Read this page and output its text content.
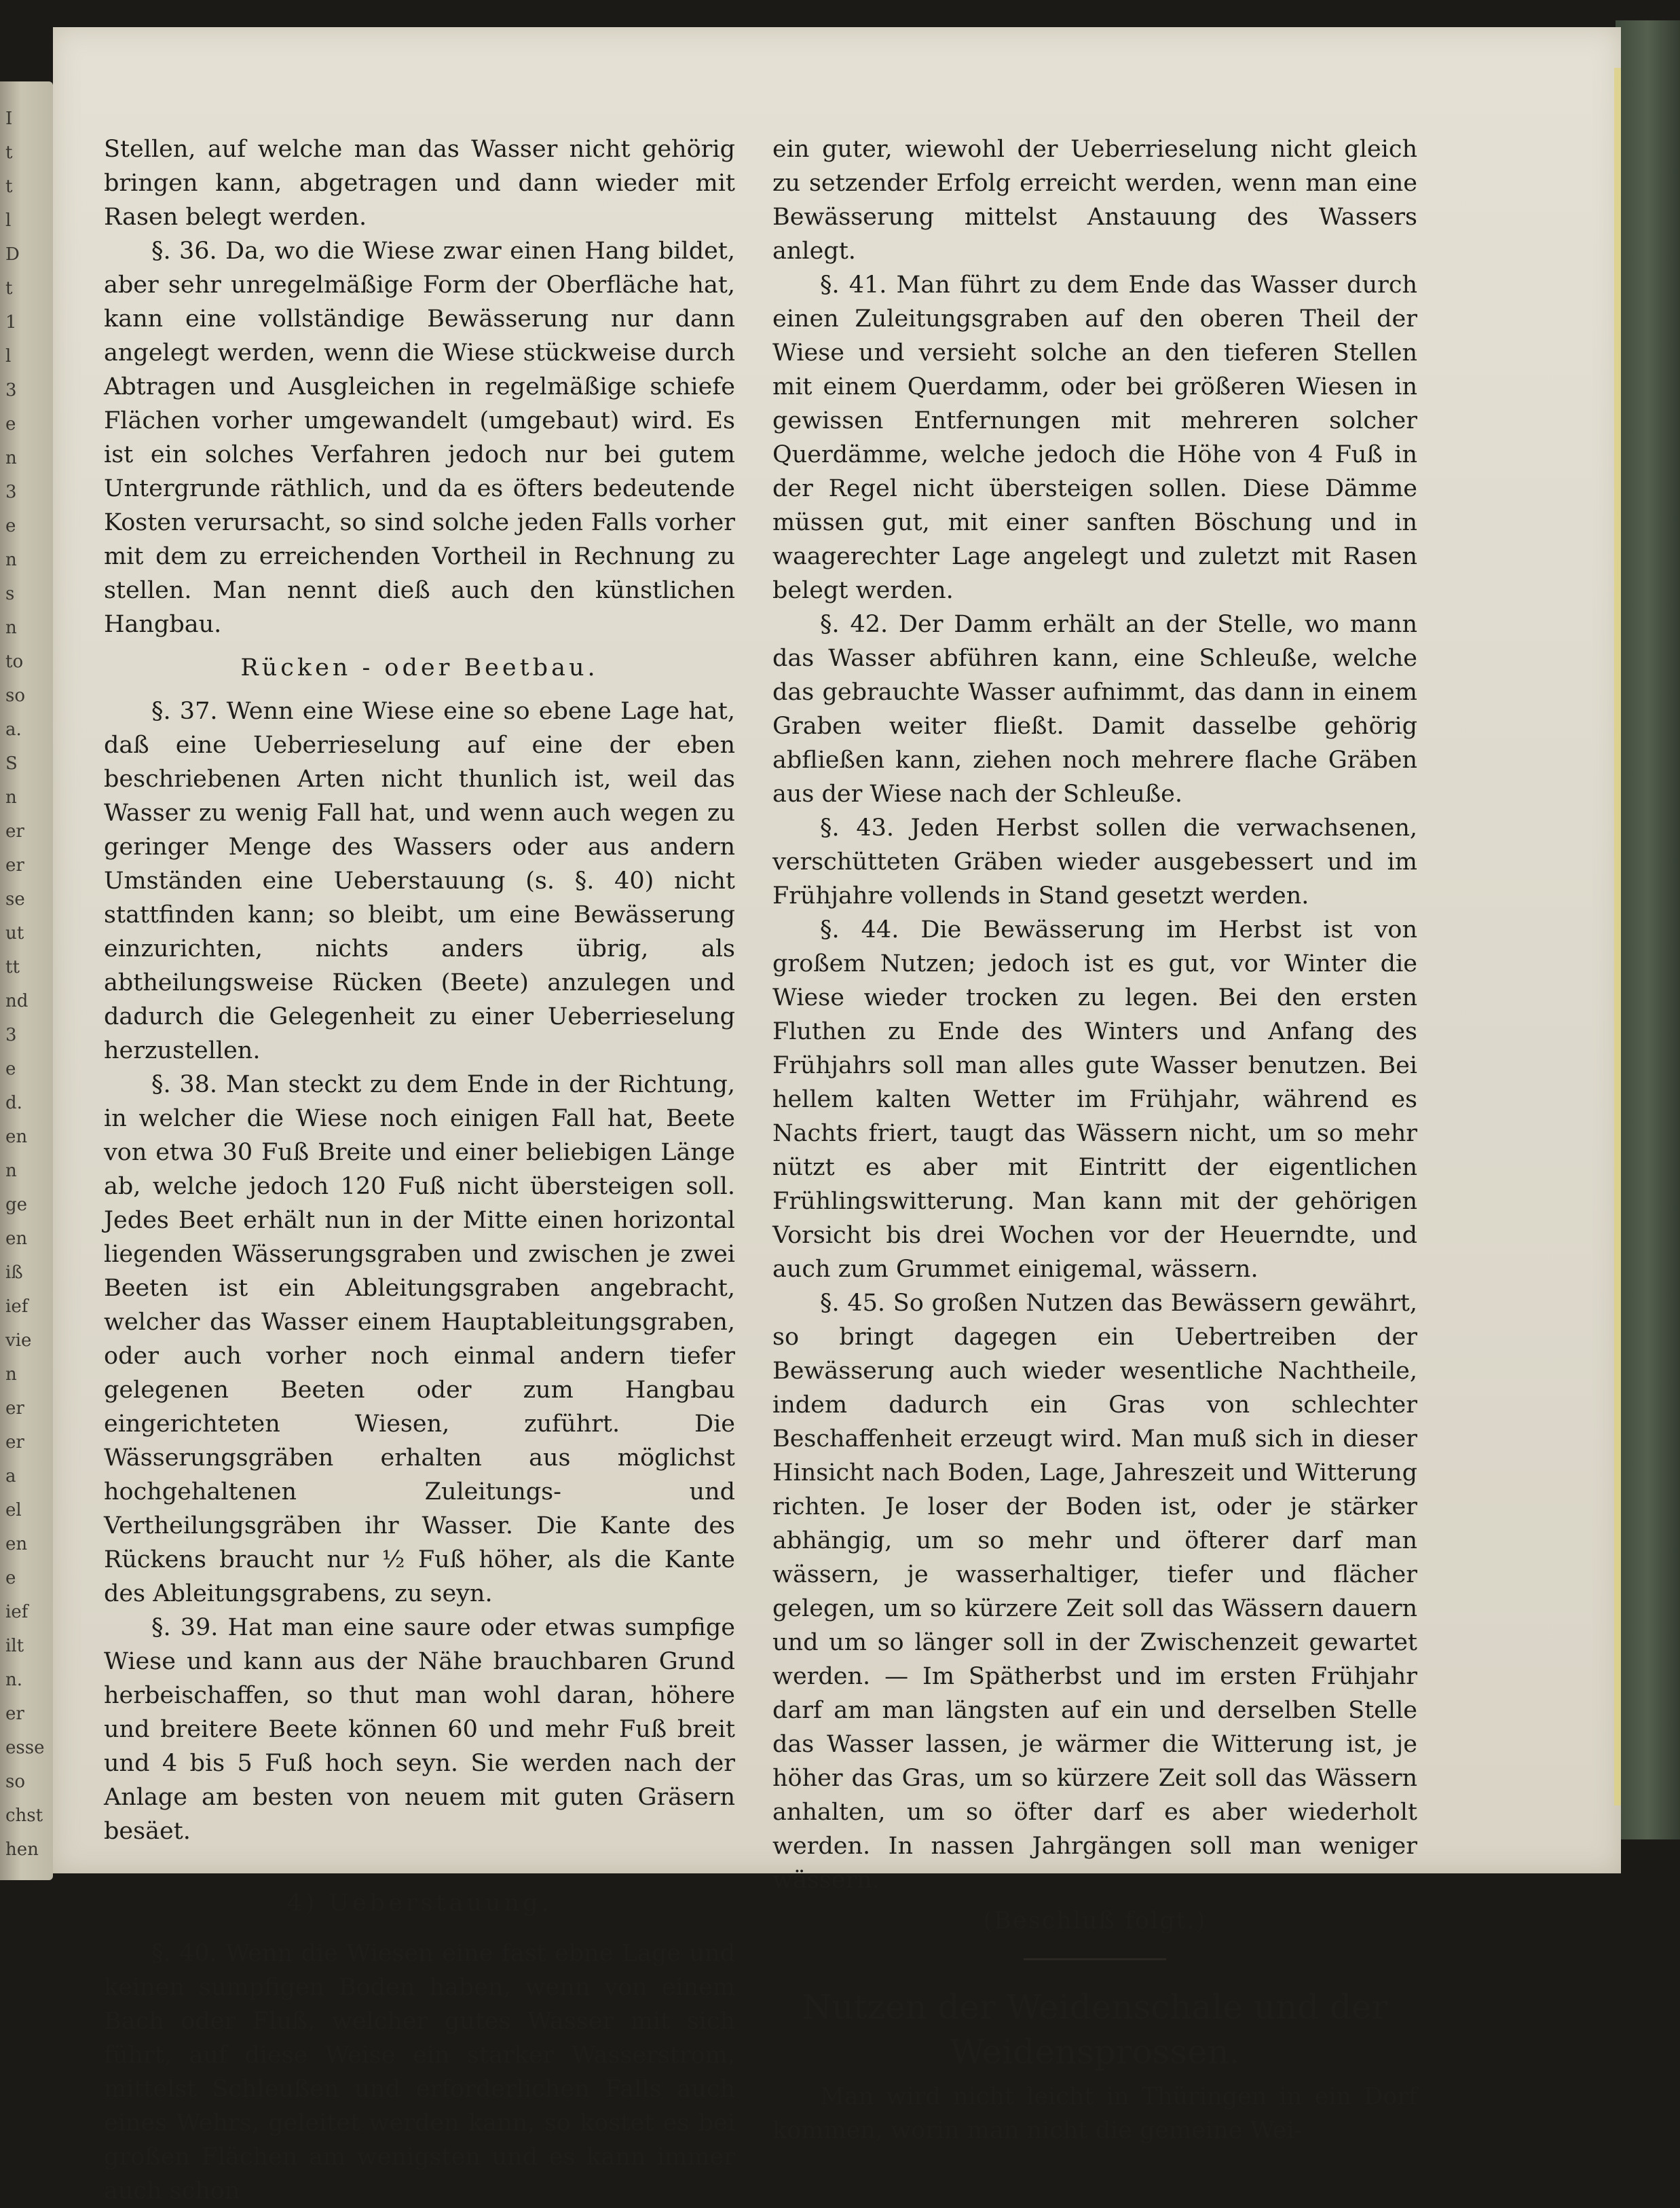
I
t
t
l
D
t
1
l
3
e
n
3
e
n
s
n
to
so
a.
S
n
er
er
se
ut
tt
nd
3
e
d.
en
n
ge
en
iß
ief
vie
n
er
er
a
el
en
e
ief
ilt
n.
er
esse
so
chst
hen

Stellen, auf welche man das Wasser nicht gehörig bringen kann, abgetragen und dann wieder mit Rasen belegt werden.

§. 36. Da, wo die Wiese zwar einen Hang bildet, aber sehr unregelmäßige Form der Oberfläche hat, kann eine vollständige Bewässerung nur dann angelegt werden, wenn die Wiese stückweise durch Abtragen und Ausgleichen in regelmäßige schiefe Flächen vorher umgewandelt (umgebaut) wird. Es ist ein solches Verfahren jedoch nur bei gutem Untergrunde räthlich, und da es öfters bedeutende Kosten verursacht, so sind solche jeden Falls vorher mit dem zu erreichenden Vortheil in Rechnung zu stellen. Man nennt dieß auch den künstlichen Hangbau.

Rücken - oder Beetbau.

§. 37. Wenn eine Wiese eine so ebene Lage hat, daß eine Ueberrieselung auf eine der eben beschriebenen Arten nicht thunlich ist, weil das Wasser zu wenig Fall hat, und wenn auch wegen zu geringer Menge des Wassers oder aus andern Umständen eine Ueberstauung (s. §. 40) nicht stattfinden kann; so bleibt, um eine Bewässerung einzurichten, nichts anders übrig, als abtheilungsweise Rücken (Beete) anzulegen und dadurch die Gelegenheit zu einer Ueberrieselung herzustellen.

§. 38. Man steckt zu dem Ende in der Richtung, in welcher die Wiese noch einigen Fall hat, Beete von etwa 30 Fuß Breite und einer beliebigen Länge ab, welche jedoch 120 Fuß nicht übersteigen soll. Jedes Beet erhält nun in der Mitte einen horizontal liegenden Wässerungsgraben und zwischen je zwei Beeten ist ein Ableitungsgraben angebracht, welcher das Wasser einem Hauptableitungsgraben, oder auch vorher noch einmal andern tiefer gelegenen Beeten oder zum Hangbau eingerichteten Wiesen, zuführt. Die Wässerungsgräben erhalten aus möglichst hochgehaltenen Zuleitungs- und Vertheilungsgräben ihr Wasser. Die Kante des Rückens braucht nur ½ Fuß höher, als die Kante des Ableitungsgrabens, zu seyn.

§. 39. Hat man eine saure oder etwas sumpfige Wiese und kann aus der Nähe brauchbaren Grund herbeischaffen, so thut man wohl daran, höhere und breitere Beete können 60 und mehr Fuß breit und 4 bis 5 Fuß hoch seyn. Sie werden nach der Anlage am besten von neuem mit guten Gräsern besäet.

4) Ueberstauung.

§. 40. Wenn die Wiesen eine fast ebne Lage und keinen sumpfigen Boden haben, wenn von einem Bach oder Fluß, welcher gutes Wasser mit sich führt, auf diese Weise ein starker Wasserstrom, mittelst Schleußen und erforderlichen Falls auch eines Wehrs, geleitet werden kann, so kostet es bei großen Flächen am wenigsten und es kann immer auch schon

ein guter, wiewohl der Ueberrieselung nicht gleich zu setzender Erfolg erreicht werden, wenn man eine Bewässerung mittelst Anstauung des Wassers anlegt.

§. 41. Man führt zu dem Ende das Wasser durch einen Zuleitungsgraben auf den oberen Theil der Wiese und versieht solche an den tieferen Stellen mit einem Querdamm, oder bei größeren Wiesen in gewissen Entfernungen mit mehreren solcher Querdämme, welche jedoch die Höhe von 4 Fuß in der Regel nicht übersteigen sollen. Diese Dämme müssen gut, mit einer sanften Böschung und in waagerechter Lage angelegt und zuletzt mit Rasen belegt werden.

§. 42. Der Damm erhält an der Stelle, wo mann das Wasser abführen kann, eine Schleuße, welche das gebrauchte Wasser aufnimmt, das dann in einem Graben weiter fließt. Damit dasselbe gehörig abfließen kann, ziehen noch mehrere flache Gräben aus der Wiese nach der Schleuße.

§. 43. Jeden Herbst sollen die verwachsenen, verschütteten Gräben wieder ausgebessert und im Frühjahre vollends in Stand gesetzt werden.

§. 44. Die Bewässerung im Herbst ist von großem Nutzen; jedoch ist es gut, vor Winter die Wiese wieder trocken zu legen. Bei den ersten Fluthen zu Ende des Winters und Anfang des Frühjahrs soll man alles gute Wasser benutzen. Bei hellem kalten Wetter im Frühjahr, während es Nachts friert, taugt das Wässern nicht, um so mehr nützt es aber mit Eintritt der eigentlichen Frühlingswitterung. Man kann mit der gehörigen Vorsicht bis drei Wochen vor der Heuerndte, und auch zum Grummet einigemal, wässern.

§. 45. So großen Nutzen das Bewässern gewährt, so bringt dagegen ein Uebertreiben der Bewässerung auch wieder wesentliche Nachtheile, indem dadurch ein Gras von schlechter Beschaffenheit erzeugt wird. Man muß sich in dieser Hinsicht nach Boden, Lage, Jahreszeit und Witterung richten. Je loser der Boden ist, oder je stärker abhängig, um so mehr und öfterer darf man wässern, je wasserhaltiger, tiefer und flächer gelegen, um so kürzere Zeit soll das Wässern dauern und um so länger soll in der Zwischenzeit gewartet werden. — Im Spätherbst und im ersten Frühjahr darf am man längsten auf ein und derselben Stelle das Wasser lassen, je wärmer die Witterung ist, je höher das Gras, um so kürzere Zeit soll das Wässern anhalten, um so öfter darf es aber wiederholt werden. In nassen Jahrgängen soll man weniger wässern.

(Beschluß folgt.)
Nutzen der Weidenschale und der Weidensprossen.

Man wird nicht leicht in Thüringen in ein Dorf kommen, worin man nicht die gemeine Wei-
